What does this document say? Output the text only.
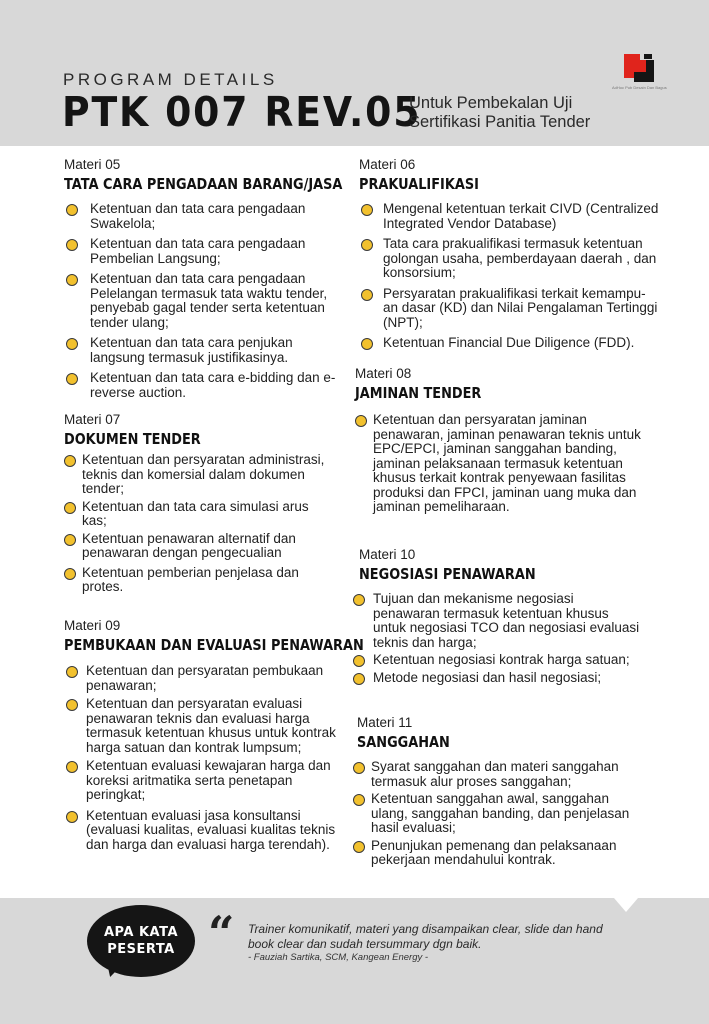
PROGRAM DETAILS
PTK 007 REV.05
Untuk Pembekalan Uji
Sertifikasi Panitia Tender
AdHoc Pub Desain Dan Bagus
Materi 05
TATA CARA PENGADAAN BARANG/JASA
Ketentuan dan tata cara pengadaan Swakelola;
Ketentuan dan tata cara pengadaan Pembelian Langsung;
Ketentuan dan tata cara pengadaan Pelelangan termasuk tata waktu tender, penyebab gagal tender serta ketentuan tender ulang;
Ketentuan dan tata cara penjukan langsung termasuk justifikasinya.
Ketentuan dan tata cara e-bidding dan e-reverse auction.
Materi 07
DOKUMEN TENDER
Ketentuan dan persyaratan administrasi, teknis dan komersial dalam dokumen tender;
Ketentuan dan tata cara simulasi arus kas;
Ketentuan penawaran alternatif dan penawaran dengan pengecualian
Ketentuan pemberian penjelasa dan protes.
Materi 09
PEMBUKAAN DAN EVALUASI PENAWARAN
Ketentuan dan persyaratan pembukaan penawaran;
Ketentuan dan persyaratan evaluasi penawaran teknis dan evaluasi harga termasuk ketentuan khusus untuk kontrak harga satuan dan kontrak lumpsum;
Ketentuan evaluasi kewajaran harga dan koreksi aritmatika serta penetapan peringkat;
Ketentuan evaluasi jasa konsultansi (evaluasi kualitas, evaluasi kualitas teknis dan harga dan evaluasi harga terendah).
Materi 06
PRAKUALIFIKASI
Mengenal ketentuan terkait CIVD (Centralized Integrated Vendor Database)
Tata cara prakualifikasi termasuk ketentuan golongan usaha, pemberdayaan daerah , dan konsorsium;
Persyaratan prakualifikasi terkait kemampu-an dasar (KD) dan Nilai Pengalaman Tertinggi (NPT);
Ketentuan Financial Due Diligence (FDD).
Materi 08
JAMINAN TENDER
Ketentuan dan persyaratan jaminan penawaran, jaminan penawaran teknis untuk EPC/EPCI, jaminan sanggahan banding, jaminan pelaksanaan termasuk ketentuan khusus terkait kontrak penyewaan fasilitas produksi dan FPCI, jaminan uang muka dan jaminan pemeliharaan.
Materi 10
NEGOSIASI PENAWARAN
Tujuan dan mekanisme negosiasi penawaran termasuk ketentuan khusus untuk negosiasi TCO dan negosiasi evaluasi teknis dan harga;
Ketentuan negosiasi kontrak harga satuan;
Metode negosiasi dan hasil negosiasi;
Materi 11
SANGGAHAN
Syarat sanggahan dan materi sanggahan termasuk alur proses sanggahan;
Ketentuan sanggahan awal, sanggahan ulang, sanggahan banding, dan penjelasan hasil evaluasi;
Penunjukan pemenang dan pelaksanaan pekerjaan mendahului kontrak.
APA KATA
PESERTA “ Trainer komunikatif, materi yang disampaikan clear, slide dan hand book clear dan sudah tersummary dgn baik.
- Fauziah Sartika, SCM, Kangean Energy -
